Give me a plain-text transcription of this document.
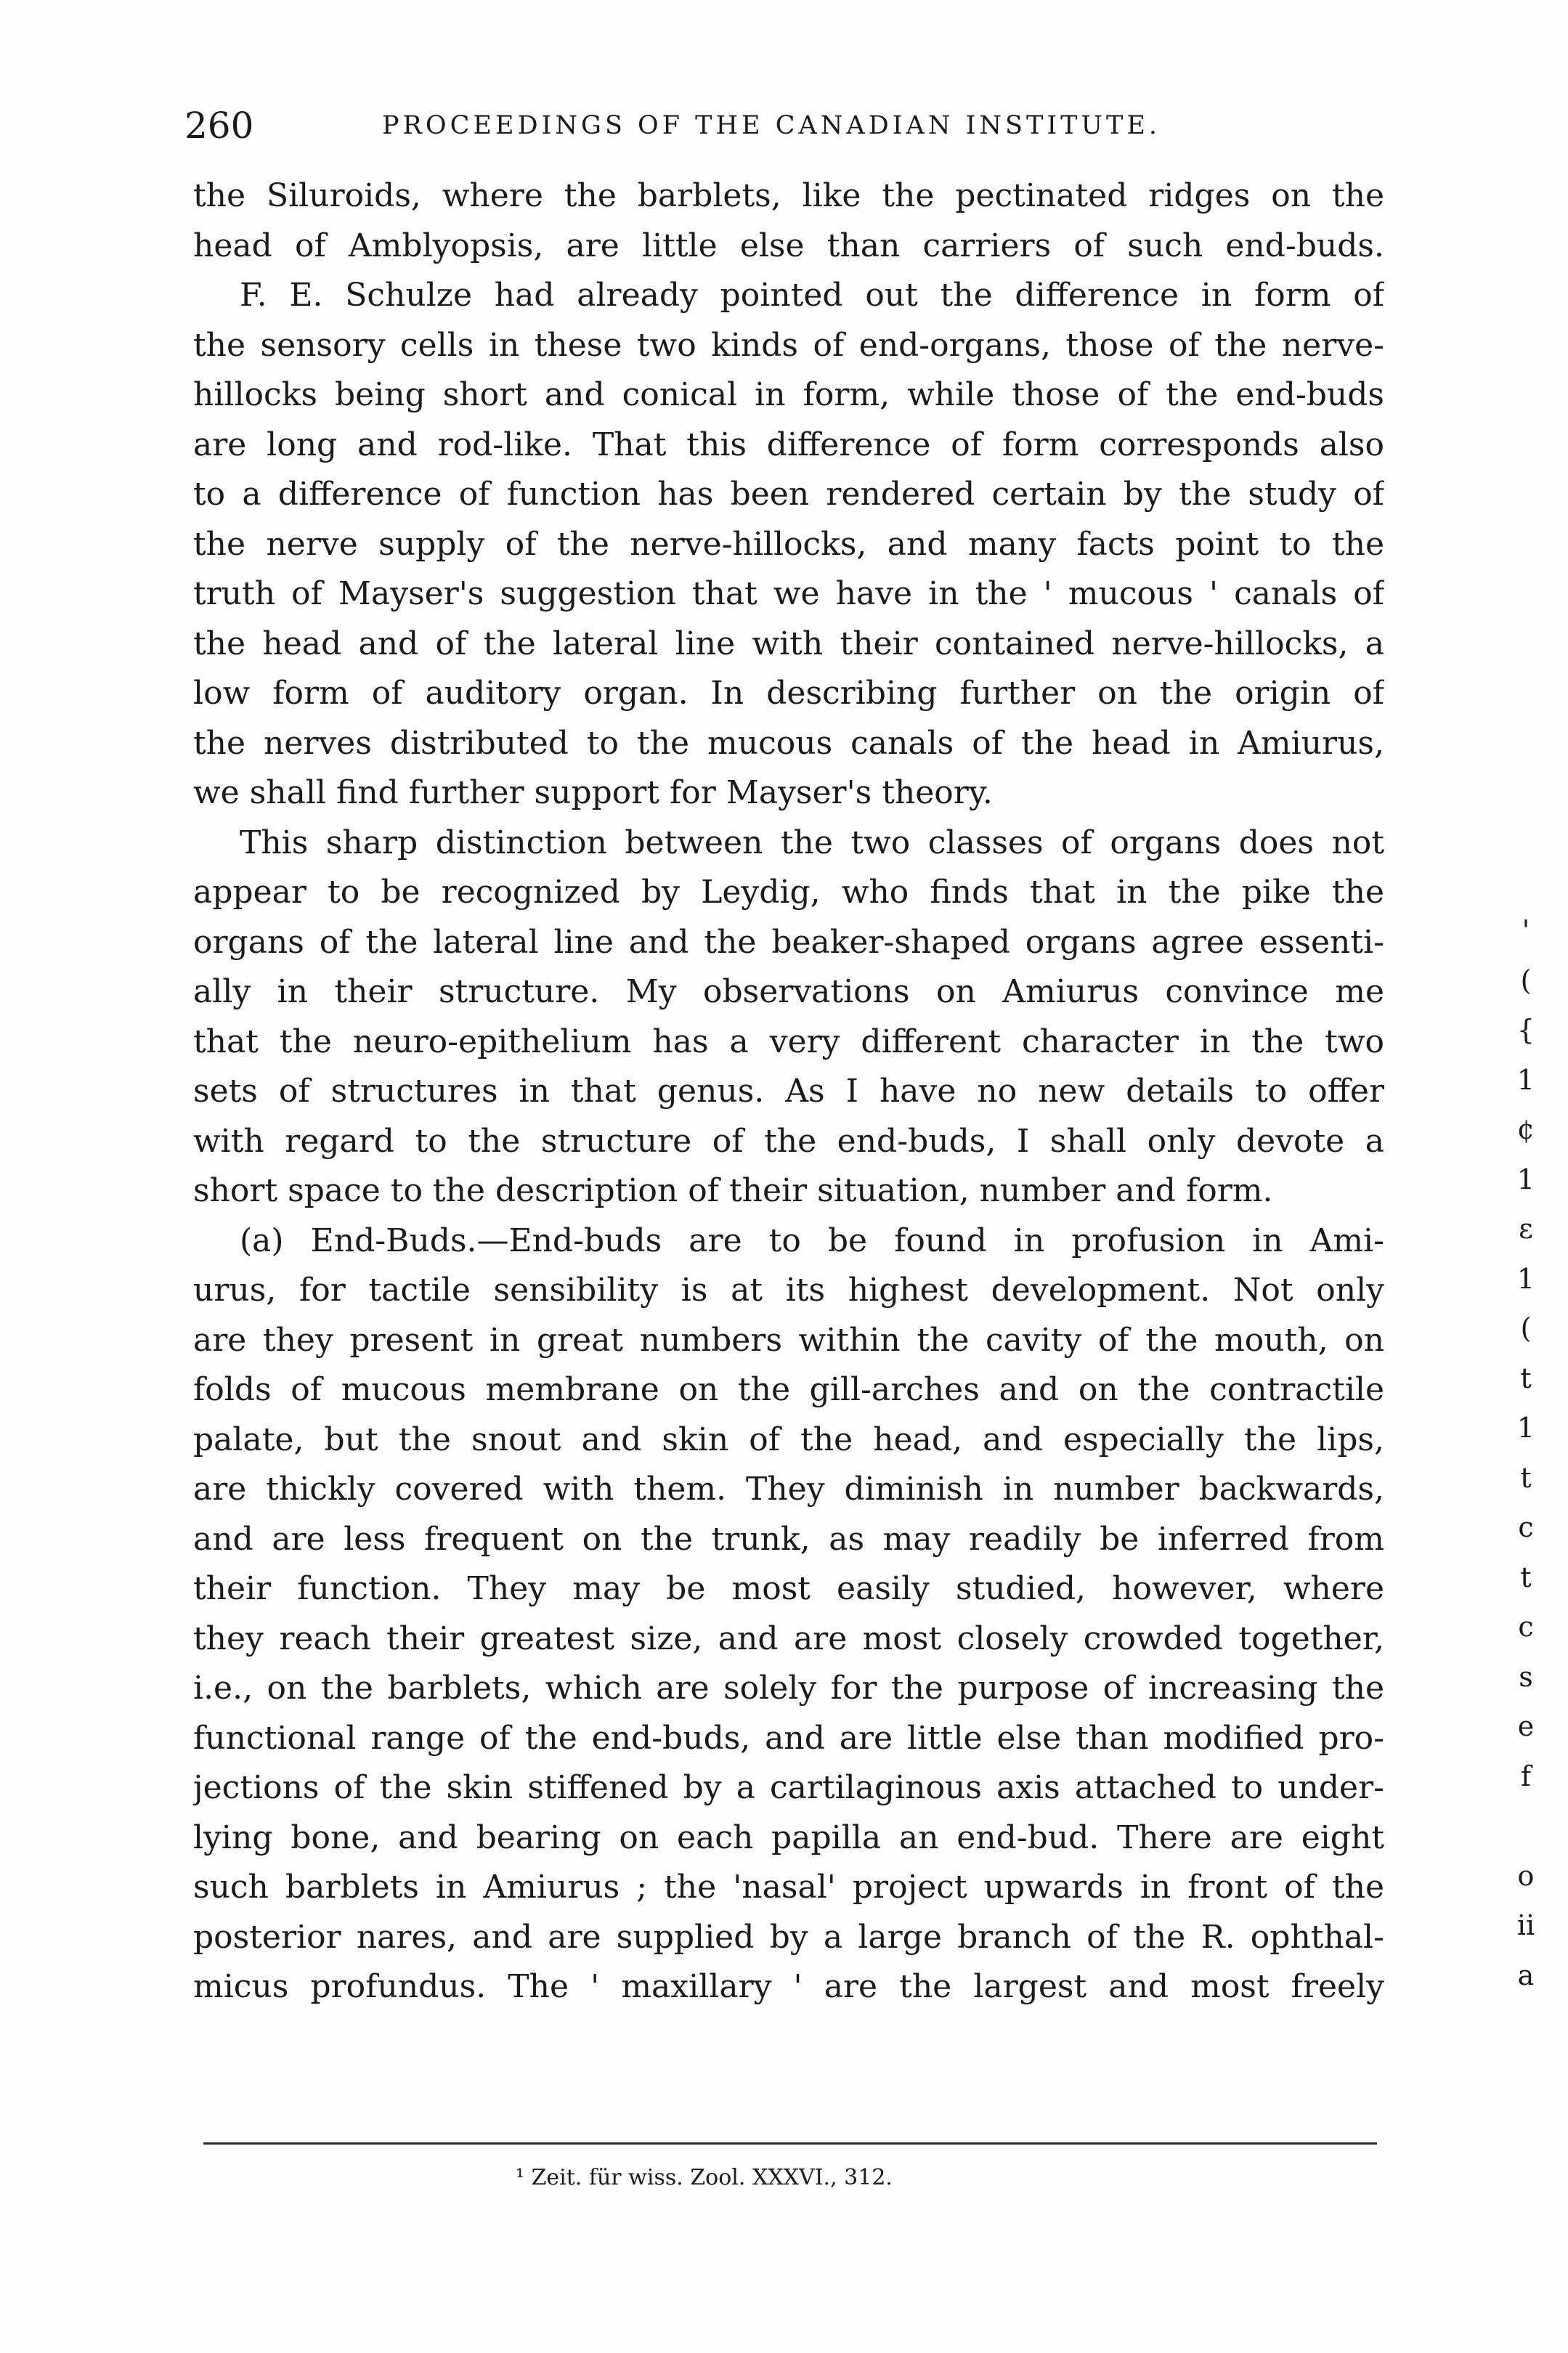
260	PROCEEDINGS OF THE CANADIAN INSTITUTE.
the Siluroids, where the barblets, like the pectinated ridges on the
head of Amblyopsis, are little else than carriers of such end-buds.
F. E. Schulze had already pointed out the difference in form of
the sensory cells in these two kinds of end-organs, those of the nerve-
hillocks being short and conical in form, while those of the end-buds
are long and rod-like. That this difference of form corresponds also
to a difference of function has been rendered certain by the study of
the nerve supply of the nerve-hillocks, and many facts point to the
truth of Mayser's suggestion that we have in the ' mucous ' canals of
the head and of the lateral line with their contained nerve-hillocks, a
low form of auditory organ. In describing further on the origin of
the nerves distributed to the mucous canals of the head in Amiurus,
we shall find further support for Mayser's theory.
This sharp distinction between the two classes of organs does not
appear to be recognized by Leydig, who finds that in the pike the
organs of the lateral line and the beaker-shaped organs agree essenti-
ally in their structure. My observations on Amiurus convince me
that the neuro-epithelium has a very different character in the two
sets of structures in that genus. As I have no new details to offer
with regard to the structure of the end-buds, I shall only devote a
short space to the description of their situation, number and form.
(a) End-Buds.—End-buds are to be found in profusion in Ami-
urus, for tactile sensibility is at its highest development. Not only
are they present in great numbers within the cavity of the mouth, on
folds of mucous membrane on the gill-arches and on the contractile
palate, but the snout and skin of the head, and especially the lips,
are thickly covered with them. They diminish in number backwards,
and are less frequent on the trunk, as may readily be inferred from
their function. They may be most easily studied, however, where
they reach their greatest size, and are most closely crowded together,
i.e., on the barblets, which are solely for the purpose of increasing the
functional range of the end-buds, and are little else than modified pro-
jections of the skin stiffened by a cartilaginous axis attached to under-
lying bone, and bearing on each papilla an end-bud. There are eight
such barblets in Amiurus ; the 'nasal' project upwards in front of the
posterior nares, and are supplied by a large branch of the R. ophthal-
micus profundus. The ' maxillary ' are the largest and most freely
'
(
{
1
¢
1
ε
1
(
t
1
t
c
t
c
s
e
f
o
ii
a
¹ Zeit. für wiss. Zool. XXXVI., 312.
